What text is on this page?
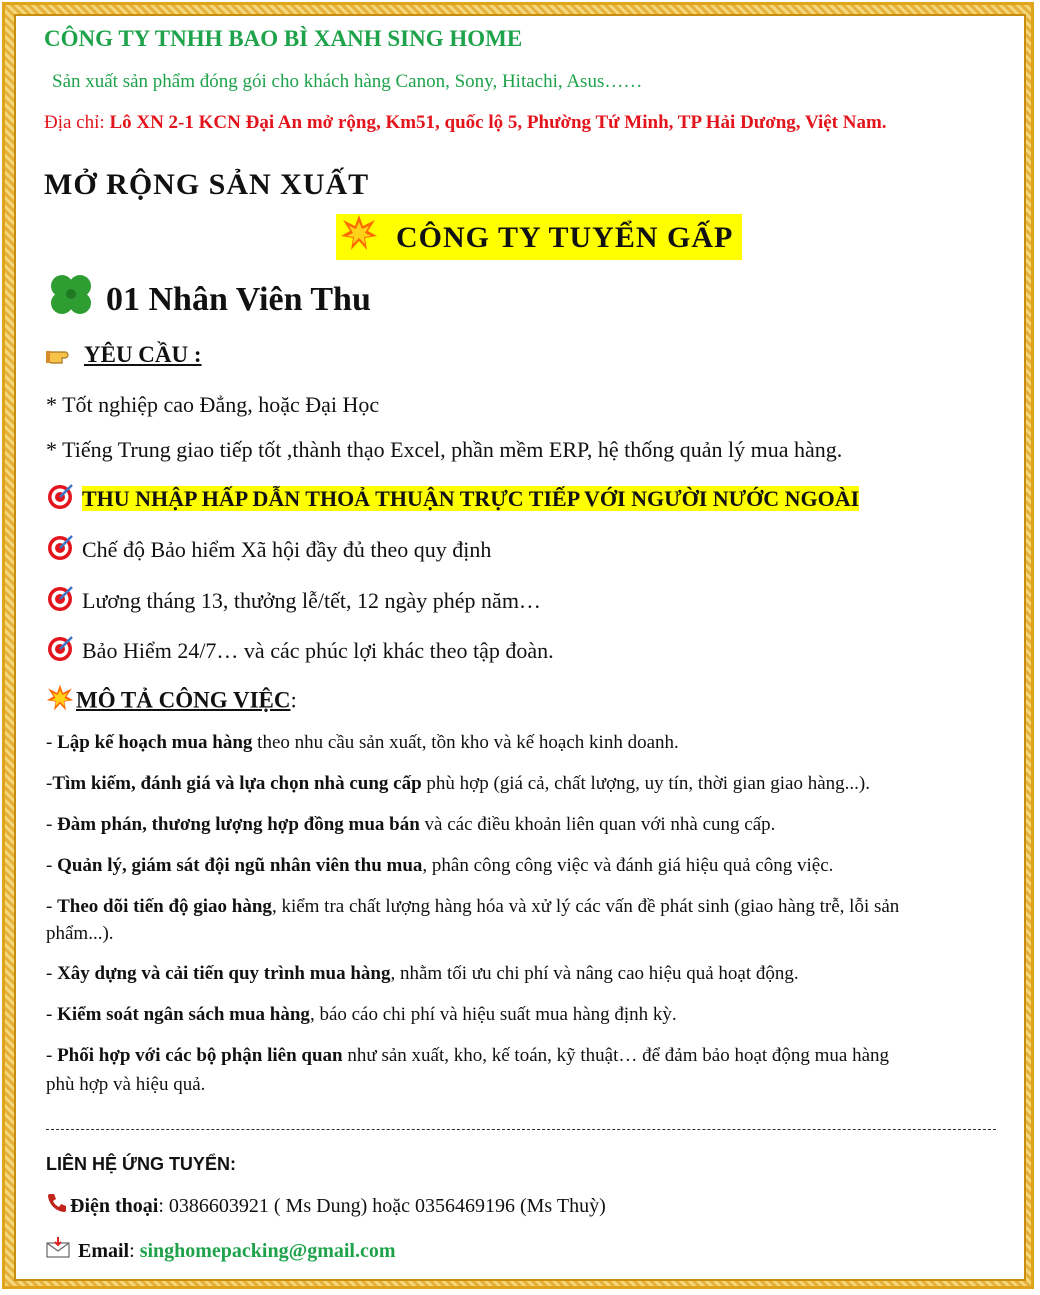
CÔNG TY TNHH BAO BÌ XANH SING HOME
Sản xuất sản phẩm đóng gói cho khách hàng Canon, Sony, Hitachi, Asus……
Địa chỉ: Lô XN 2-1 KCN Đại An mở rộng, Km51, quốc lộ 5, Phường Tứ Minh, TP Hải Dương, Việt Nam.
MỞ RỘNG SẢN XUẤT
CÔNG TY TUYỂN GẤP
01 Nhân Viên Thu
YÊU CẦU :
* Tốt nghiệp cao Đẳng, hoặc Đại Học
* Tiếng Trung giao tiếp tốt ,thành thạo Excel, phần mềm ERP, hệ thống quản lý mua hàng.
THU NHẬP HẤP DẪN THOẢ THUẬN TRỰC TIẾP VỚI NGƯỜI NƯỚC NGOÀI
Chế độ Bảo hiểm Xã hội đầy đủ theo quy định
Lương tháng 13, thưởng lễ/tết, 12 ngày phép năm…
Bảo Hiểm 24/7… và các phúc lợi khác theo tập đoàn.
MÔ TẢ CÔNG VIỆC:
- Lập kế hoạch mua hàng theo nhu cầu sản xuất, tồn kho và kế hoạch kinh doanh.
-Tìm kiếm, đánh giá và lựa chọn nhà cung cấp phù hợp (giá cả, chất lượng, uy tín, thời gian giao hàng...).
- Đàm phán, thương lượng hợp đồng mua bán và các điều khoản liên quan với nhà cung cấp.
- Quản lý, giám sát đội ngũ nhân viên thu mua, phân công công việc và đánh giá hiệu quả công việc.
- Theo dõi tiến độ giao hàng, kiểm tra chất lượng hàng hóa và xử lý các vấn đề phát sinh (giao hàng trễ, lỗi sản
phẩm...).
- Xây dựng và cải tiến quy trình mua hàng, nhằm tối ưu chi phí và nâng cao hiệu quả hoạt động.
- Kiểm soát ngân sách mua hàng, báo cáo chi phí và hiệu suất mua hàng định kỳ.
- Phối hợp với các bộ phận liên quan như sản xuất, kho, kế toán, kỹ thuật… để đảm bảo hoạt động mua hàng
phù hợp và hiệu quả.
LIÊN HỆ ỨNG TUYỂN:
Điện thoại: 0386603921 ( Ms Dung) hoặc 0356469196 (Ms Thuỳ)
Email: singhomepacking@gmail.com
